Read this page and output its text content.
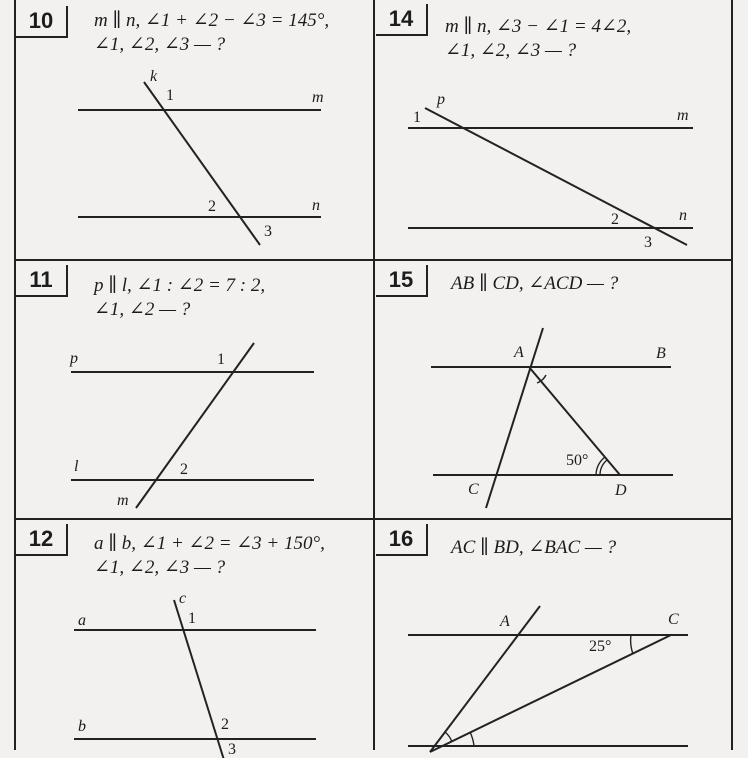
10	m ∥ n, ∠1 + ∠2 − ∠3 = 145°,
∠1, ∠2, ∠3 — ?
k
1	m
2	n
3
14	m ∥ n, ∠3 − ∠1 = 4∠2,
∠1, ∠2, ∠3 — ?
p
1	m
2	n
3
11	p ∥ l, ∠1 : ∠2 = 7 : 2,
∠1, ∠2 — ?
p	1
l	2
m
15	AB ∥ CD, ∠ACD — ?
A	B
50°
C	D
12	a ∥ b, ∠1 + ∠2 = ∠3 + 150°,
∠1, ∠2, ∠3 — ?
c
a	1
b	2
3
16	AC ∥ BD, ∠BAC — ?
A	C
25°
